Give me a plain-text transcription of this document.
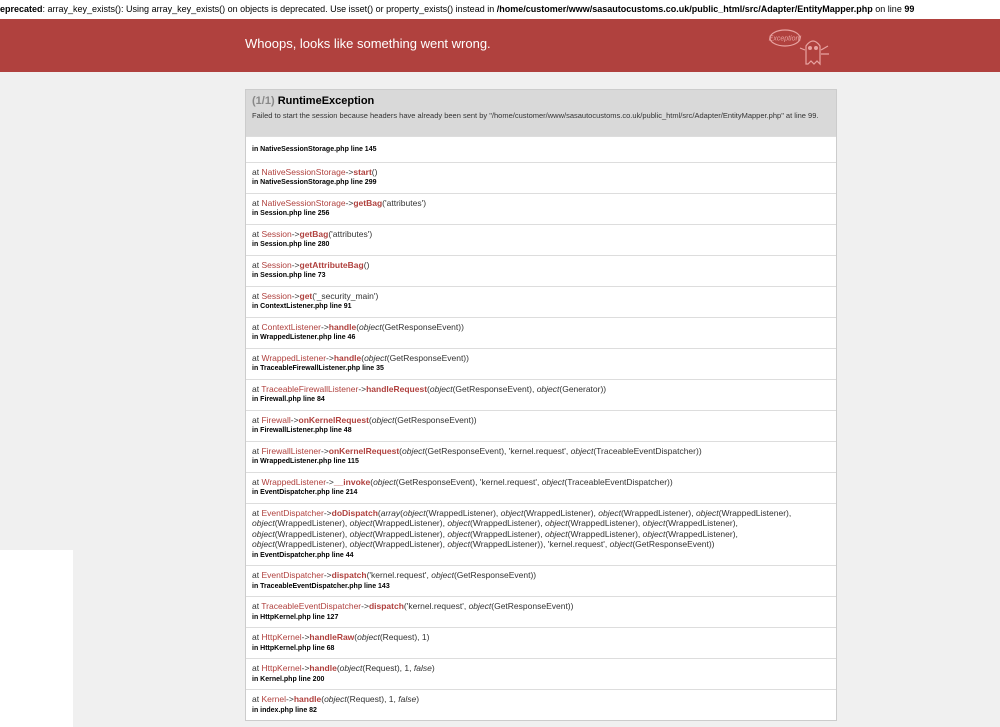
eprecated: array_key_exists(): Using array_key_exists() on objects is deprecated. Use isset() or property_exists() instead in /home/customer/www/sasautocustoms.co.uk/public_html/src/Adapter/EntityMapper.php on line 99
Whoops, looks like something went wrong.	Exception!
(1/1) RuntimeException
Failed to start the session because headers have already been sent by "/home/customer/www/sasautocustoms.co.uk/public_html/src/Adapter/EntityMapper.php" at line 99.
in NativeSessionStorage.php line 145
at NativeSessionStorage->start()
in NativeSessionStorage.php line 299
at NativeSessionStorage->getBag('attributes')
in Session.php line 256
at Session->getBag('attributes')
in Session.php line 280
at Session->getAttributeBag()
in Session.php line 73
at Session->get('_security_main')
in ContextListener.php line 91
at ContextListener->handle(object(GetResponseEvent))
in WrappedListener.php line 46
at WrappedListener->handle(object(GetResponseEvent))
in TraceableFirewallListener.php line 35
at TraceableFirewallListener->handleRequest(object(GetResponseEvent), object(Generator))
in Firewall.php line 84
at Firewall->onKernelRequest(object(GetResponseEvent))
in FirewallListener.php line 48
at FirewallListener->onKernelRequest(object(GetResponseEvent), 'kernel.request', object(TraceableEventDispatcher))
in WrappedListener.php line 115
at WrappedListener->__invoke(object(GetResponseEvent), 'kernel.request', object(TraceableEventDispatcher))
in EventDispatcher.php line 214
at EventDispatcher->doDispatch(array(object(WrappedListener), object(WrappedListener), object(WrappedListener), object(WrappedListener), object(WrappedListener), object(WrappedListener), object(WrappedListener), object(WrappedListener), object(WrappedListener), object(WrappedListener), object(WrappedListener), object(WrappedListener), object(WrappedListener), object(WrappedListener), object(WrappedListener), object(WrappedListener), object(WrappedListener)), 'kernel.request', object(GetResponseEvent))
in EventDispatcher.php line 44
at EventDispatcher->dispatch('kernel.request', object(GetResponseEvent))
in TraceableEventDispatcher.php line 143
at TraceableEventDispatcher->dispatch('kernel.request', object(GetResponseEvent))
in HttpKernel.php line 127
at HttpKernel->handleRaw(object(Request), 1)
in HttpKernel.php line 68
at HttpKernel->handle(object(Request), 1, false)
in Kernel.php line 200
at Kernel->handle(object(Request), 1, false)
in index.php line 82
